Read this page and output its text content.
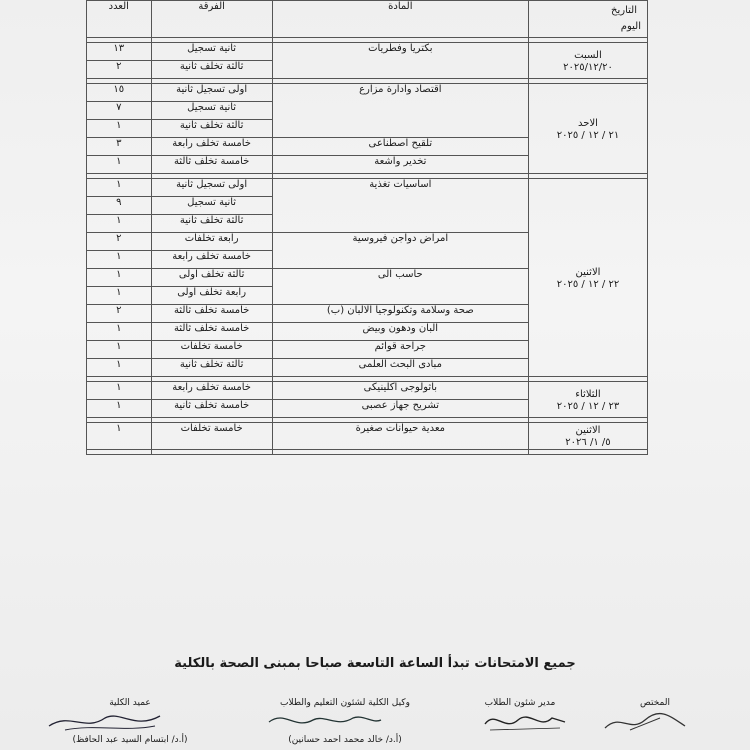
التاريخ
اليوم	المادة	الفرقة	العدد

السبت
٢٠٢٥/١٢/٢٠	بكتريا وفطريات	ثانية تسجيل	١٣
		ثالثة تخلف ثانية	٢

الاحد
٢١ / ١٢ / ٢٠٢٥	اقتصاد وادارة مزارع	اولى تسجيل ثانية	١٥
		ثانية تسجيل	٧
		ثالثة تخلف ثانية	١
	تلقيح اصطناعى	خامسة تخلف رابعة	٣
	تخدير واشعة	خامسة تخلف ثالثة	١

الاثنين
٢٢ / ١٢ / ٢٠٢٥	اساسيات تغذية	اولى تسجيل ثانية	١
		ثانية تسجيل	٩
		ثالثة تخلف ثانية	١
	امراض دواجن فيروسية	رابعة تخلفات	٢
		خامسة تخلف رابعة	١
	حاسب الى	ثالثة تخلف اولى	١
		رابعة تخلف اولى	١
	صحة وسلامة وتكنولوجيا الالبان (ب)	خامسة تخلف ثالثة	٢
	البان ودهون وبيض	خامسة تخلف ثالثة	١
	جراحة قوائم	خامسة تخلفات	١
	مبادى البحث العلمى	ثالثة تخلف ثانية	١

الثلاثاء
٢٣ / ١٢ / ٢٠٢٥	باثولوجى اكلينيكى	خامسة تخلف رابعة	١
	تشريح جهاز عصبى	خامسة تخلف ثانية	١

الاثنين
٥/ ١/ ٢٠٢٦	معدية حيوانات صغيرة	خامسة تخلفات	١

جميع الامتحانات تبدأ الساعة التاسعة صباحا بمبنى الصحة بالكلية
المختص
مدير شئون الطلاب
وكيل الكلية لشئون التعليم والطلاب
(أ.د/ خالد محمد احمد حسانين)
عميد الكلية
(أ.د/ ابتسام السيد عبد الحافظ)
